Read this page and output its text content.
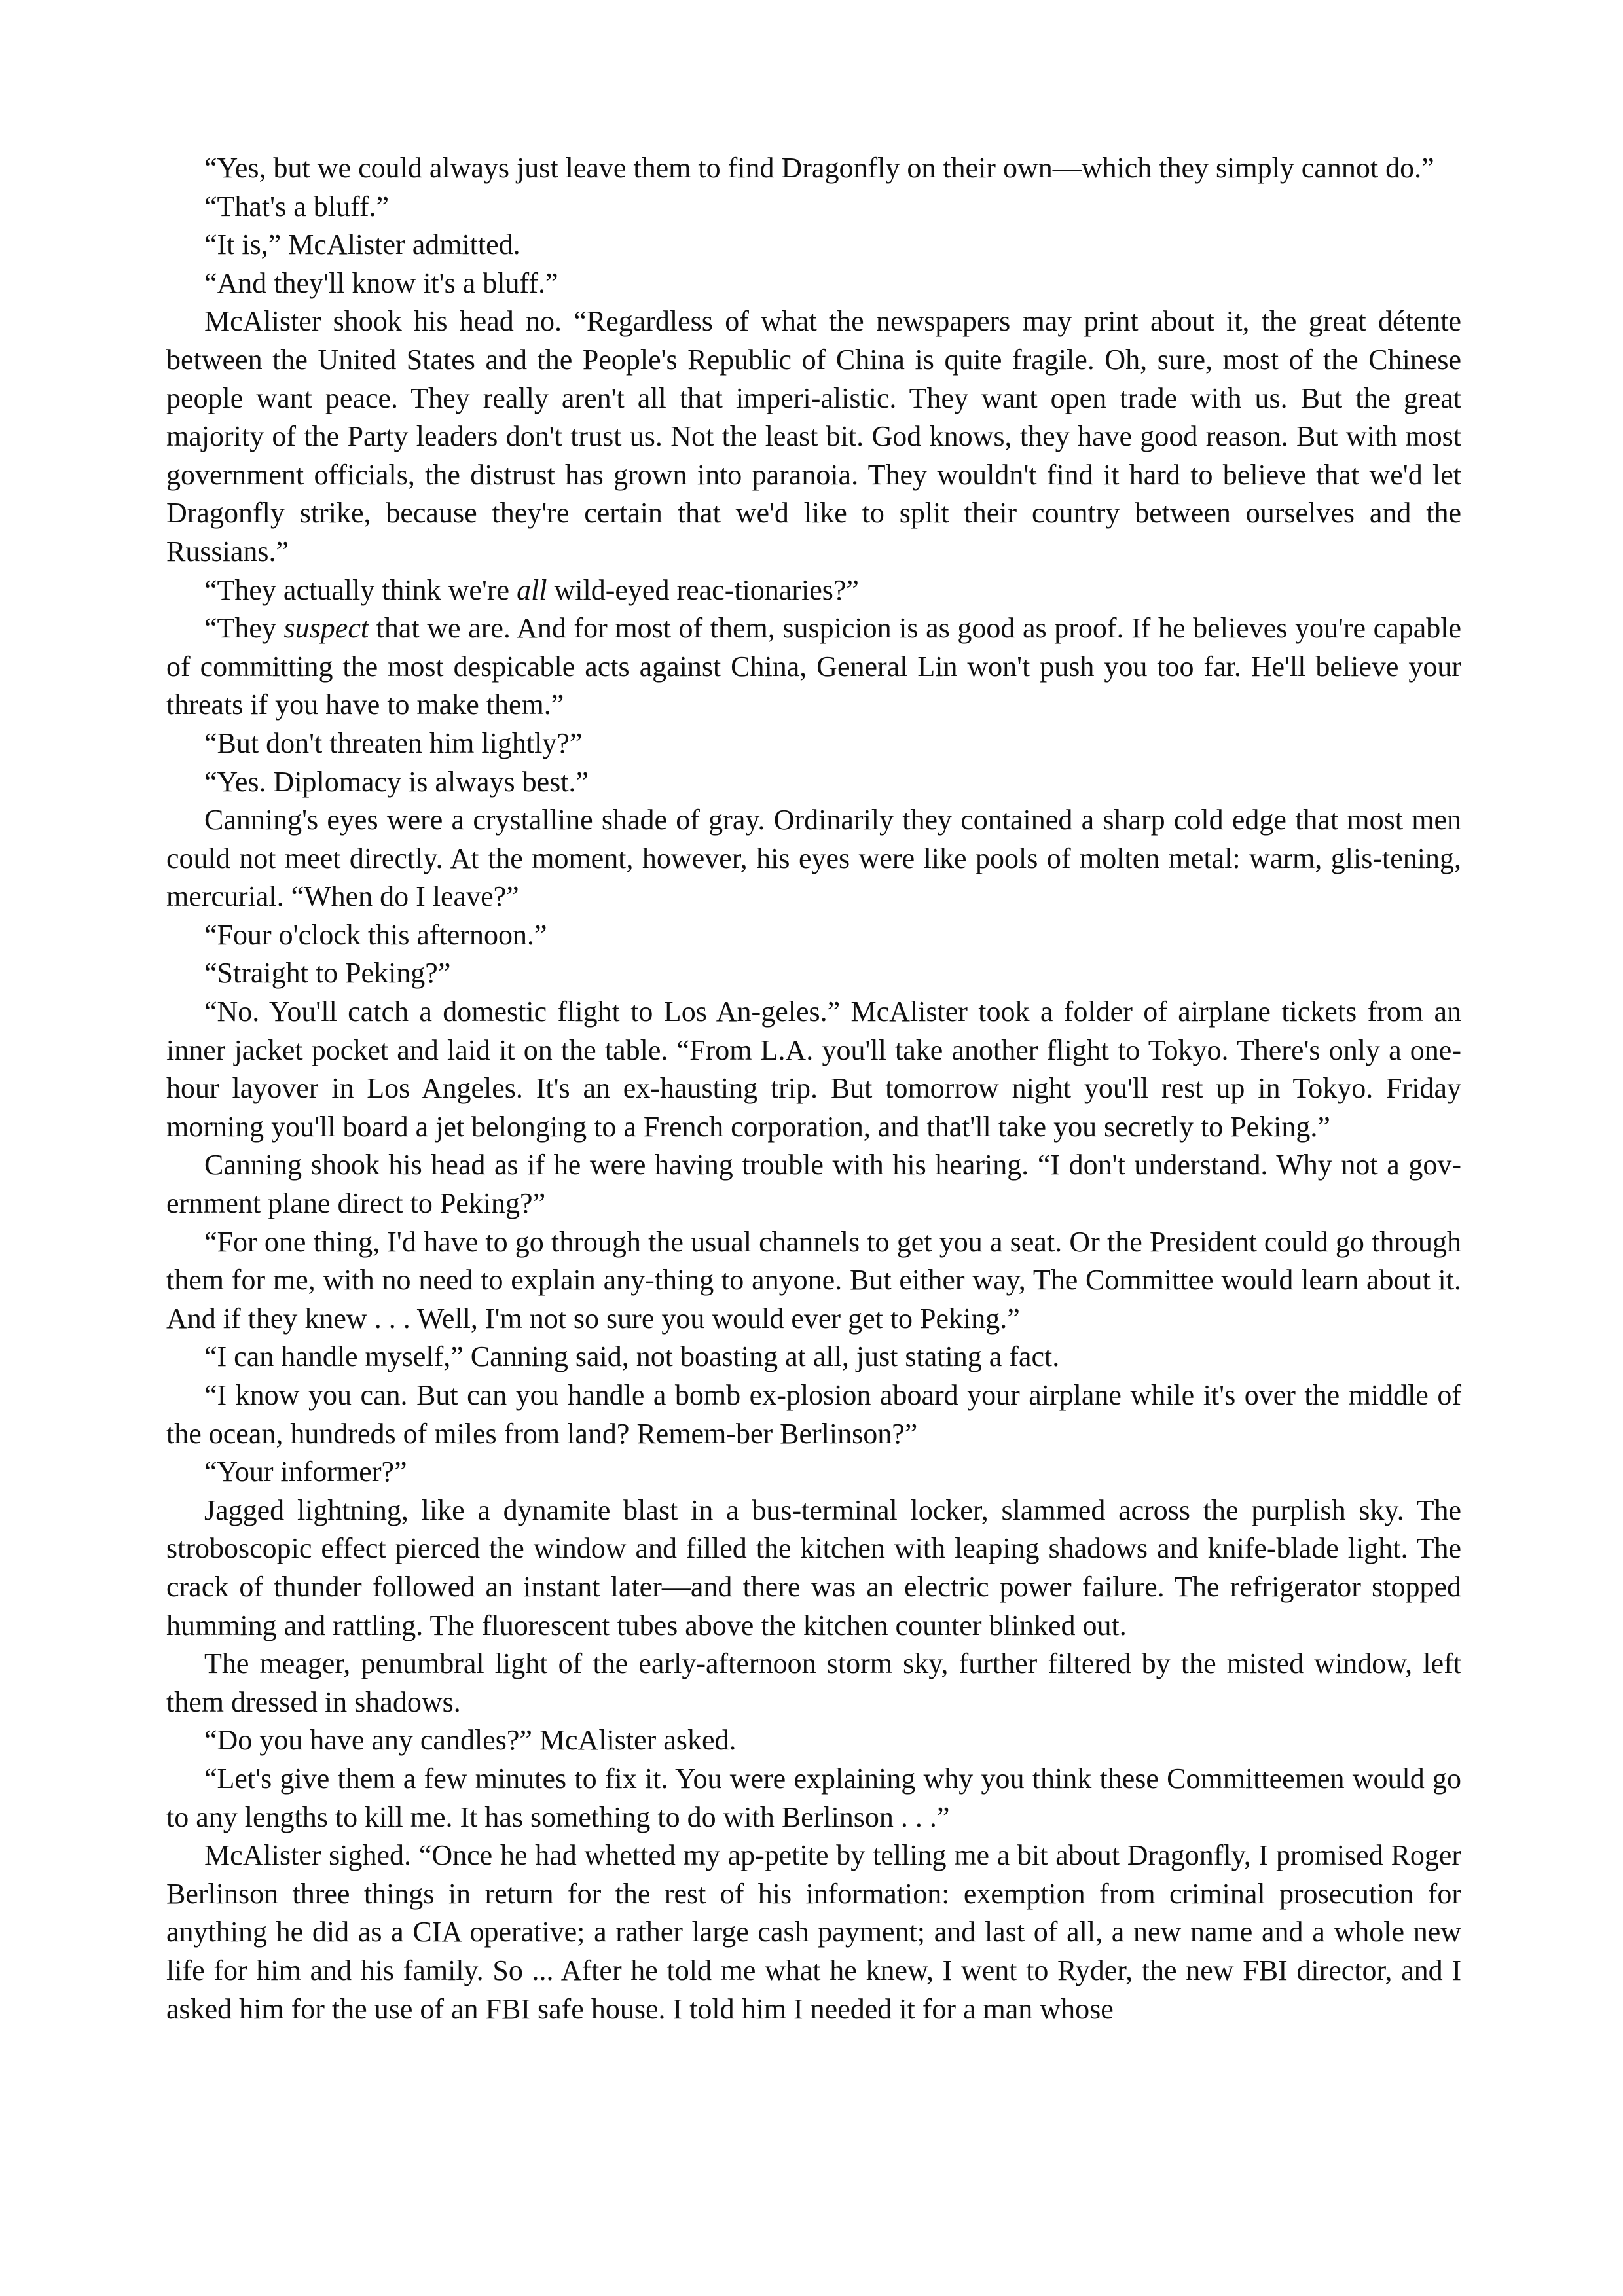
“Yes, but we could always just leave them to find Dragonfly on their own—which they simply cannot do.”

“That's a bluff.”

“It is,” McAlister admitted.

“And they'll know it's a bluff.”

McAlister shook his head no. “Regardless of what the newspapers may print about it, the great détente between the United States and the People's Republic of China is quite fragile. Oh, sure, most of the Chinese people want peace. They really aren't all that imperi-alistic. They want open trade with us. But the great majority of the Party leaders don't trust us. Not the least bit. God knows, they have good reason. But with most government officials, the distrust has grown into paranoia. They wouldn't find it hard to believe that we'd let Dragonfly strike, because they're certain that we'd like to split their country between ourselves and the Russians.”

“They actually think we're all wild-eyed reac-tionaries?”

“They suspect that we are. And for most of them, suspicion is as good as proof. If he believes you're capable of committing the most despicable acts against China, General Lin won't push you too far. He'll believe your threats if you have to make them.”

“But don't threaten him lightly?”

“Yes. Diplomacy is always best.”

Canning's eyes were a crystalline shade of gray. Ordinarily they contained a sharp cold edge that most men could not meet directly. At the moment, however, his eyes were like pools of molten metal: warm, glis-tening, mercurial. “When do I leave?”

“Four o'clock this afternoon.”

“Straight to Peking?”

“No. You'll catch a domestic flight to Los An-geles.” McAlister took a folder of airplane tickets from an inner jacket pocket and laid it on the table. “From L.A. you'll take another flight to Tokyo. There's only a one-hour layover in Los Angeles. It's an ex-hausting trip. But tomorrow night you'll rest up in Tokyo. Friday morning you'll board a jet belonging to a French corporation, and that'll take you secretly to Peking.”

Canning shook his head as if he were having trouble with his hearing. “I don't understand. Why not a gov-ernment plane direct to Peking?”

“For one thing, I'd have to go through the usual channels to get you a seat. Or the President could go through them for me, with no need to explain any-thing to anyone. But either way, The Committee would learn about it. And if they knew . . . Well, I'm not so sure you would ever get to Peking.”

“I can handle myself,” Canning said, not boasting at all, just stating a fact.

“I know you can. But can you handle a bomb ex-plosion aboard your airplane while it's over the middle of the ocean, hundreds of miles from land? Remem-ber Berlinson?”

“Your informer?”

Jagged lightning, like a dynamite blast in a bus-terminal locker, slammed across the purplish sky. The stroboscopic effect pierced the window and filled the kitchen with leaping shadows and knife-blade light. The crack of thunder followed an instant later—and there was an electric power failure. The refrigerator stopped humming and rattling. The fluorescent tubes above the kitchen counter blinked out.

The meager, penumbral light of the early-afternoon storm sky, further filtered by the misted window, left them dressed in shadows.

“Do you have any candles?” McAlister asked.

“Let's give them a few minutes to fix it. You were explaining why you think these Committeemen would go to any lengths to kill me. It has something to do with Berlinson . . .”

McAlister sighed. “Once he had whetted my ap-petite by telling me a bit about Dragonfly, I promised Roger Berlinson three things in return for the rest of his information: exemption from criminal prosecution for anything he did as a CIA operative; a rather large cash payment; and last of all, a new name and a whole new life for him and his family. So ... After he told me what he knew, I went to Ryder, the new FBI director, and I asked him for the use of an FBI safe house. I told him I needed it for a man whose
